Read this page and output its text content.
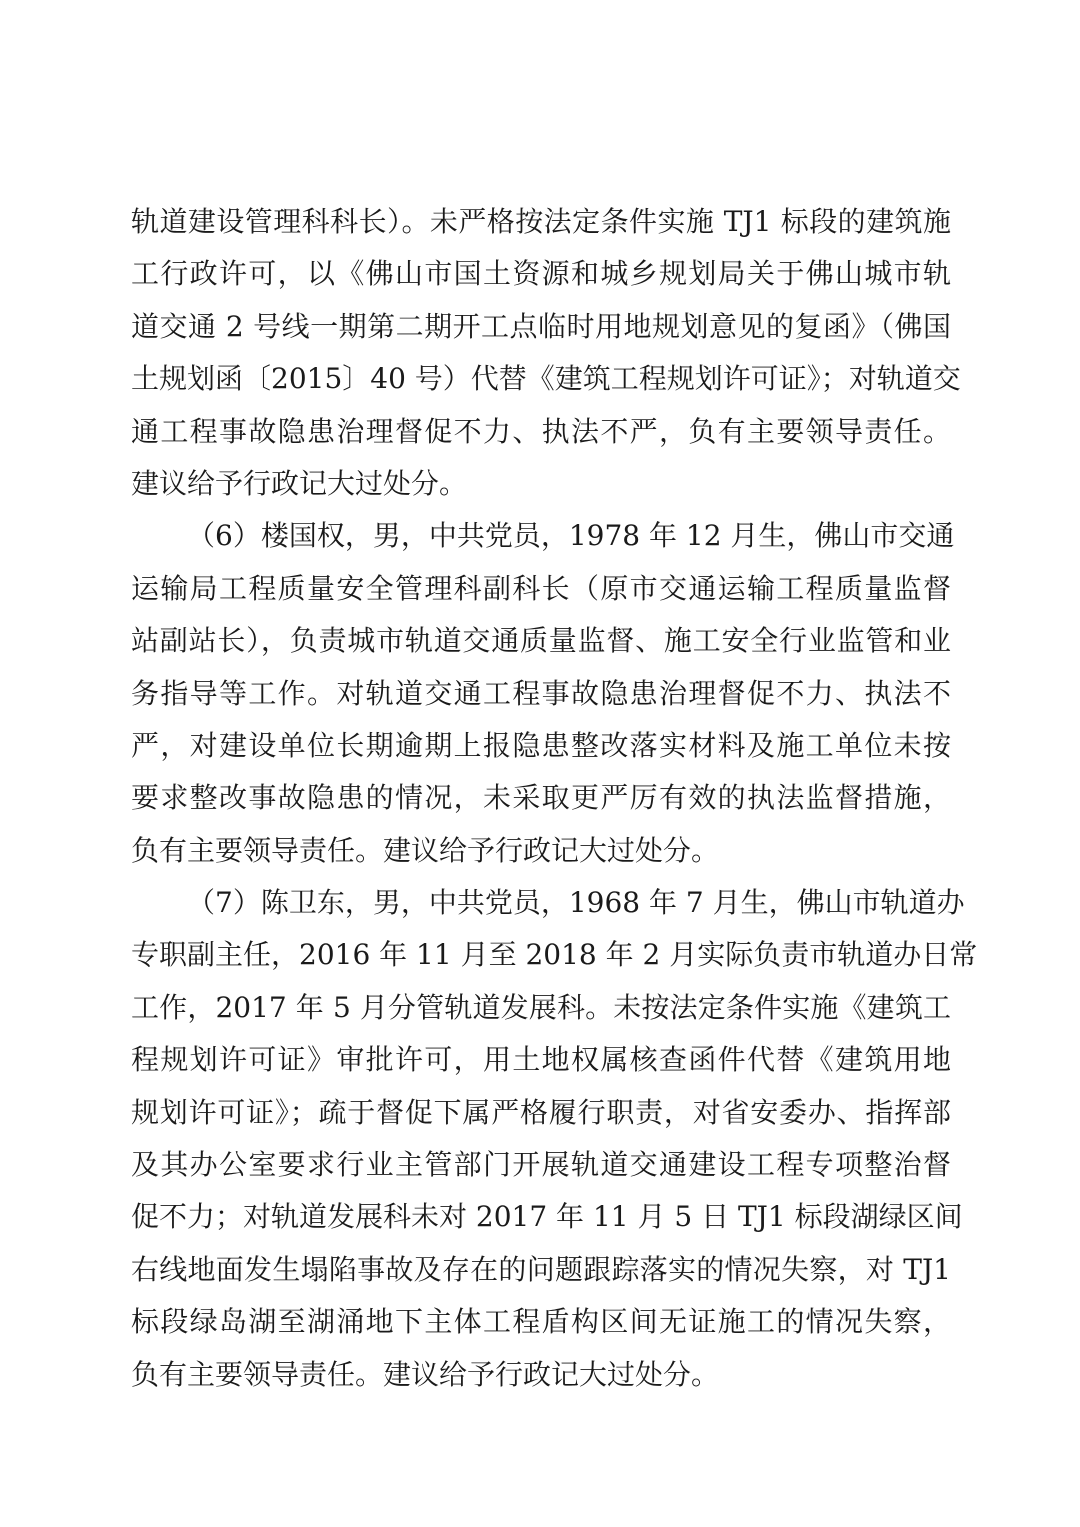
轨道建设管理科科长）。未严格按法定条件实施 TJ1 标段的建筑施
工行政许可，以《佛山市国土资源和城乡规划局关于佛山城市轨
道交通 2 号线一期第二期开工点临时用地规划意见的复函》（佛国
土规划函〔2015〕40 号）代替《建筑工程规划许可证》；对轨道交
通工程事故隐患治理督促不力、执法不严，负有主要领导责任。
建议给予行政记大过处分。
（6）楼国权，男，中共党员，1978 年 12 月生，佛山市交通
运输局工程质量安全管理科副科长（原市交通运输工程质量监督
站副站长），负责城市轨道交通质量监督、施工安全行业监管和业
务指导等工作。对轨道交通工程事故隐患治理督促不力、执法不
严，对建设单位长期逾期上报隐患整改落实材料及施工单位未按
要求整改事故隐患的情况，未采取更严厉有效的执法监督措施，
负有主要领导责任。建议给予行政记大过处分。
（7）陈卫东，男，中共党员，1968 年 7 月生，佛山市轨道办
专职副主任，2016 年 11 月至 2018 年 2 月实际负责市轨道办日常
工作，2017 年 5 月分管轨道发展科。未按法定条件实施《建筑工
程规划许可证》审批许可，用土地权属核查函件代替《建筑用地
规划许可证》；疏于督促下属严格履行职责，对省安委办、指挥部
及其办公室要求行业主管部门开展轨道交通建设工程专项整治督
促不力；对轨道发展科未对 2017 年 11 月 5 日 TJ1 标段湖绿区间
右线地面发生塌陷事故及存在的问题跟踪落实的情况失察，对 TJ1
标段绿岛湖至湖涌地下主体工程盾构区间无证施工的情况失察，
负有主要领导责任。建议给予行政记大过处分。
